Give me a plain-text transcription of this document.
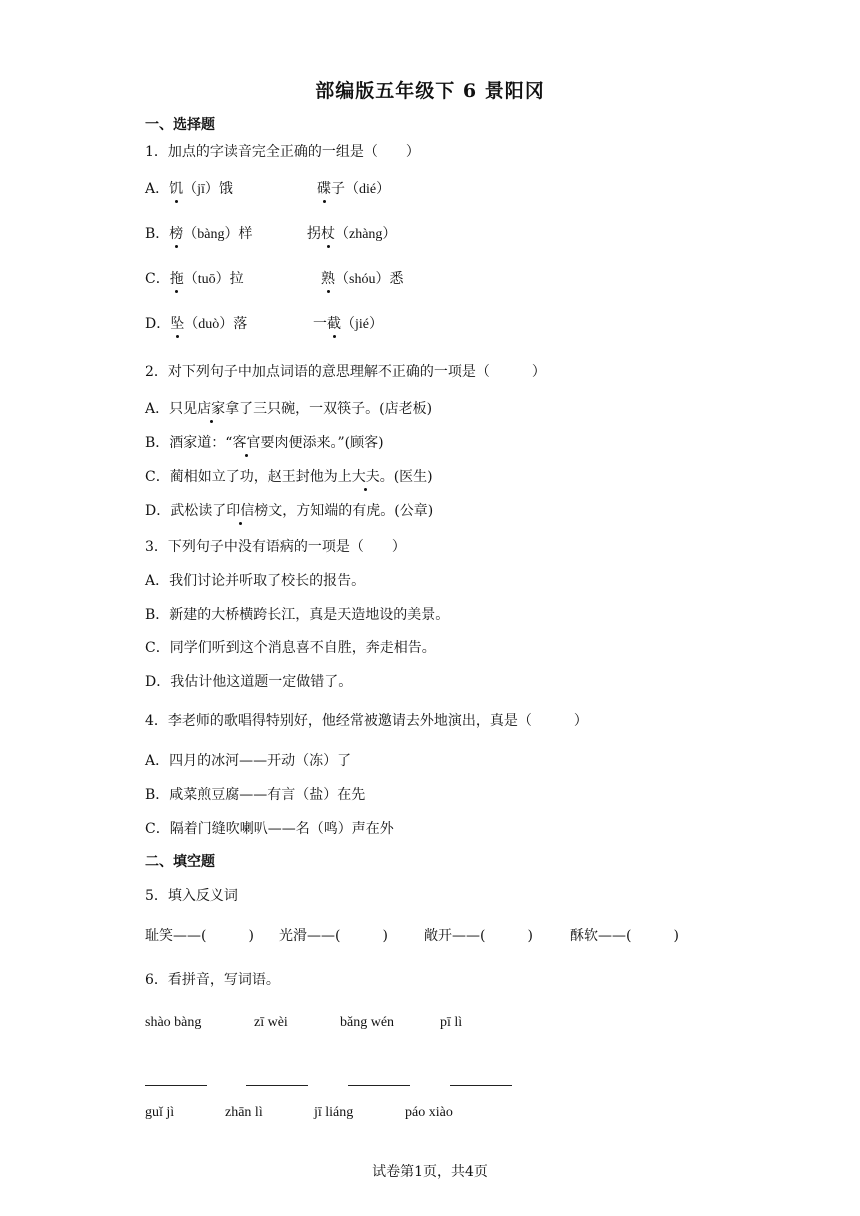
部编版五年级下 6 景阳冈
一、选择题
1．加点的字读音完全正确的一组是（　　）
A．饥（jī）饿	碟子（dié）
B．榜（bàng）样	拐杖（zhàng）
C．拖（tuō）拉	熟（shóu）悉
D．坠（duò）落	一截（jié）
2．对下列句子中加点词语的意思理解不正确的一项是（　　　）
A．只见店家拿了三只碗，一双筷子。(店老板)
B．酒家道：“客官要肉便添来。”(顾客)
C．蔺相如立了功，赵王封他为上大夫。(医生)
D．武松读了印信榜文，方知端的有虎。(公章)
3．下列句子中没有语病的一项是（　　）
A．我们讨论并听取了校长的报告。
B．新建的大桥横跨长江，真是天造地设的美景。
C．同学们听到这个消息喜不自胜，奔走相告。
D．我估计他这道题一定做错了。
4．李老师的歌唱得特别好，他经常被邀请去外地演出，真是（　　　）
A．四月的冰河——开动（冻）了
B．咸菜煎豆腐——有言（盐）在先
C．隔着门缝吹喇叭——名（鸣）声在外
二、填空题
5．填入反义词
耻笑——(　　　) 光滑——(　　　)	敞开——(　　　)	酥软——(　　　)
6．看拼音，写词语。
shào bàng	zī wèi	bǎng wén	pī lì
guǐ jì	zhān lì	jī liáng	páo xiào
试卷第1页，共4页
